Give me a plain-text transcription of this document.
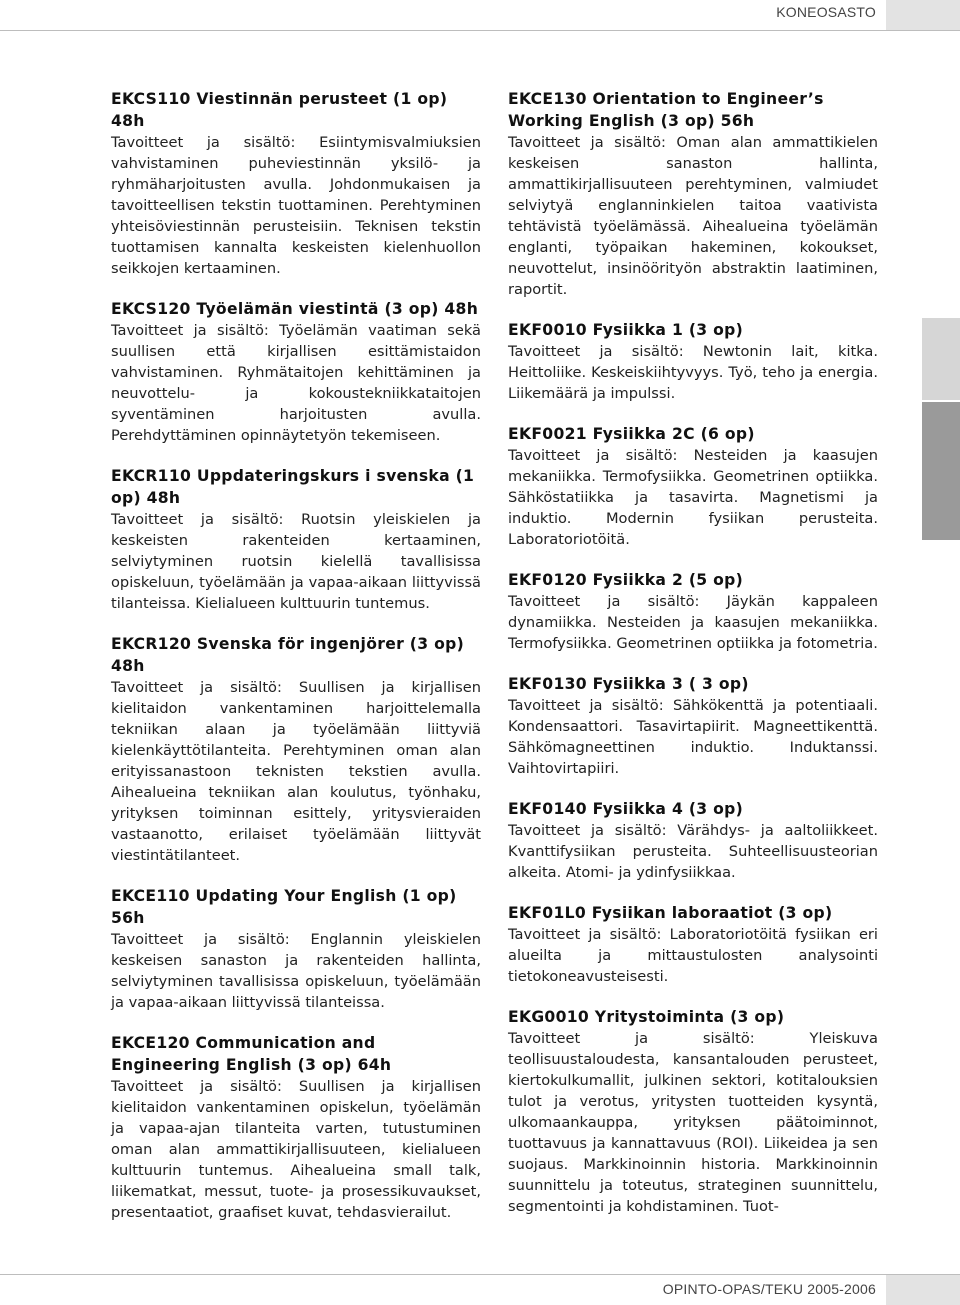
KONEOSASTO
EKCS110 Viestinnän perusteet (1 op) 48h

Tavoitteet ja sisältö: Esiintymisvalmiuksien vahvistaminen puheviestinnän yksilö- ja ryhmäharjoitusten avulla. Johdonmukaisen ja tavoitteellisen tekstin tuottaminen. Perehtyminen yhteisöviestinnän perusteisiin. Teknisen tekstin tuottamisen kannalta keskeisten kielenhuollon seikkojen kertaaminen.

EKCS120 Työelämän viestintä (3 op) 48h

Tavoitteet ja sisältö: Työelämän vaatiman sekä suullisen että kirjallisen esittämistaidon vahvistaminen. Ryhmätaitojen kehittäminen ja neuvottelu- ja kokoustekniikkataitojen syventäminen harjoitusten avulla. Perehdyttäminen opinnäytetyön tekemiseen.

EKCR110 Uppdateringskurs i svenska (1 op) 48h

Tavoitteet ja sisältö: Ruotsin yleiskielen ja keskeisten rakenteiden kertaaminen, selviytyminen ruotsin kielellä tavallisissa opiskeluun, työelämään ja vapaa-aikaan liittyvissä tilanteissa. Kielialueen kulttuurin tuntemus.

EKCR120 Svenska för ingenjörer (3 op) 48h

Tavoitteet ja sisältö: Suullisen ja kirjallisen kielitaidon vankentaminen harjoittelemalla tekniikan alaan ja työelämään liittyviä kielenkäyttötilanteita. Perehtyminen oman alan erityissanastoon teknisten tekstien avulla. Aihealueina tekniikan alan koulutus, työnhaku, yrityksen toiminnan esittely, yritysvieraiden vastaanotto, erilaiset työelämään liittyvät viestintätilanteet.

EKCE110 Updating Your English (1 op) 56h

Tavoitteet ja sisältö: Englannin yleiskielen keskeisen sanaston ja rakenteiden hallinta, selviytyminen tavallisissa opiskeluun, työelämään ja vapaa-aikaan liittyvissä tilanteissa.

EKCE120 Communication and Engineering English (3 op) 64h

Tavoitteet ja sisältö: Suullisen ja kirjallisen kielitaidon vankentaminen opiskelun, työelämän ja vapaa-ajan tilanteita varten, tutustuminen oman alan ammattikirjallisuuteen, kielialueen kulttuurin tuntemus. Aihealueina small talk, liikematkat, messut, tuote- ja prosessikuvaukset, presentaatiot, graafiset kuvat, tehdasvierailut.

EKCE130 Orientation to Engineer’s Working English (3 op) 56h

Tavoitteet ja sisältö: Oman alan ammattikielen keskeisen sanaston hallinta, ammattikirjallisuuteen perehtyminen, valmiudet selviytyä englanninkielen taitoa vaativista tehtävistä työelämässä. Aihealueina työelämän englanti, työpaikan hakeminen, kokoukset, neuvottelut, insinöörityön abstraktin laatiminen, raportit.

EKF0010 Fysiikka 1 (3 op)

Tavoitteet ja sisältö: Newtonin lait, kitka. Heittoliike. Keskeiskiihtyvyys. Työ, teho ja energia. Liikemäärä ja impulssi.

EKF0021 Fysiikka 2C (6 op)

Tavoitteet ja sisältö: Nesteiden ja kaasujen mekaniikka. Termofysiikka. Geometrinen optiikka. Sähköstatiikka ja tasavirta. Magnetismi ja induktio. Modernin fysiikan perusteita. Laboratoriotöitä.

EKF0120 Fysiikka 2 (5 op)

Tavoitteet ja sisältö: Jäykän kappaleen dynamiikka. Nesteiden ja kaasujen mekaniikka. Termofysiikka. Geometrinen optiikka ja fotometria.

EKF0130 Fysiikka 3 ( 3 op)

Tavoitteet ja sisältö: Sähkökenttä ja potentiaali. Kondensaattori. Tasavirtapiirit. Magneettikenttä. Sähkömagneettinen induktio. Induktanssi. Vaihtovirtapiiri.

EKF0140 Fysiikka 4 (3 op)

Tavoitteet ja sisältö: Värähdys- ja aaltoliikkeet. Kvanttifysiikan perusteita. Suhteellisuusteorian alkeita. Atomi- ja ydinfysiikkaa.

EKF01L0 Fysiikan laboraatiot (3 op)

Tavoitteet ja sisältö: Laboratoriotöitä fysiikan eri alueilta ja mittaustulosten analysointi tietokoneavusteisesti.

EKG0010 Yritystoiminta (3 op)

Tavoitteet ja sisältö: Yleiskuva teollisuustaloudesta, kansantalouden perusteet, kiertokulkumallit, julkinen sektori, kotitalouksien tulot ja verotus, yritysten tuotteiden kysyntä, ulkomaankauppa, yrityksen päätoiminnot, tuottavuus ja kannattavuus (ROI). Liikeidea ja sen suojaus. Markkinoinnin historia. Markkinoinnin suunnittelu ja toteutus, strateginen suunnittelu, segmentointi ja kohdistaminen. Tuot-

OPINTO-OPAS/TEKU 2005-2006
